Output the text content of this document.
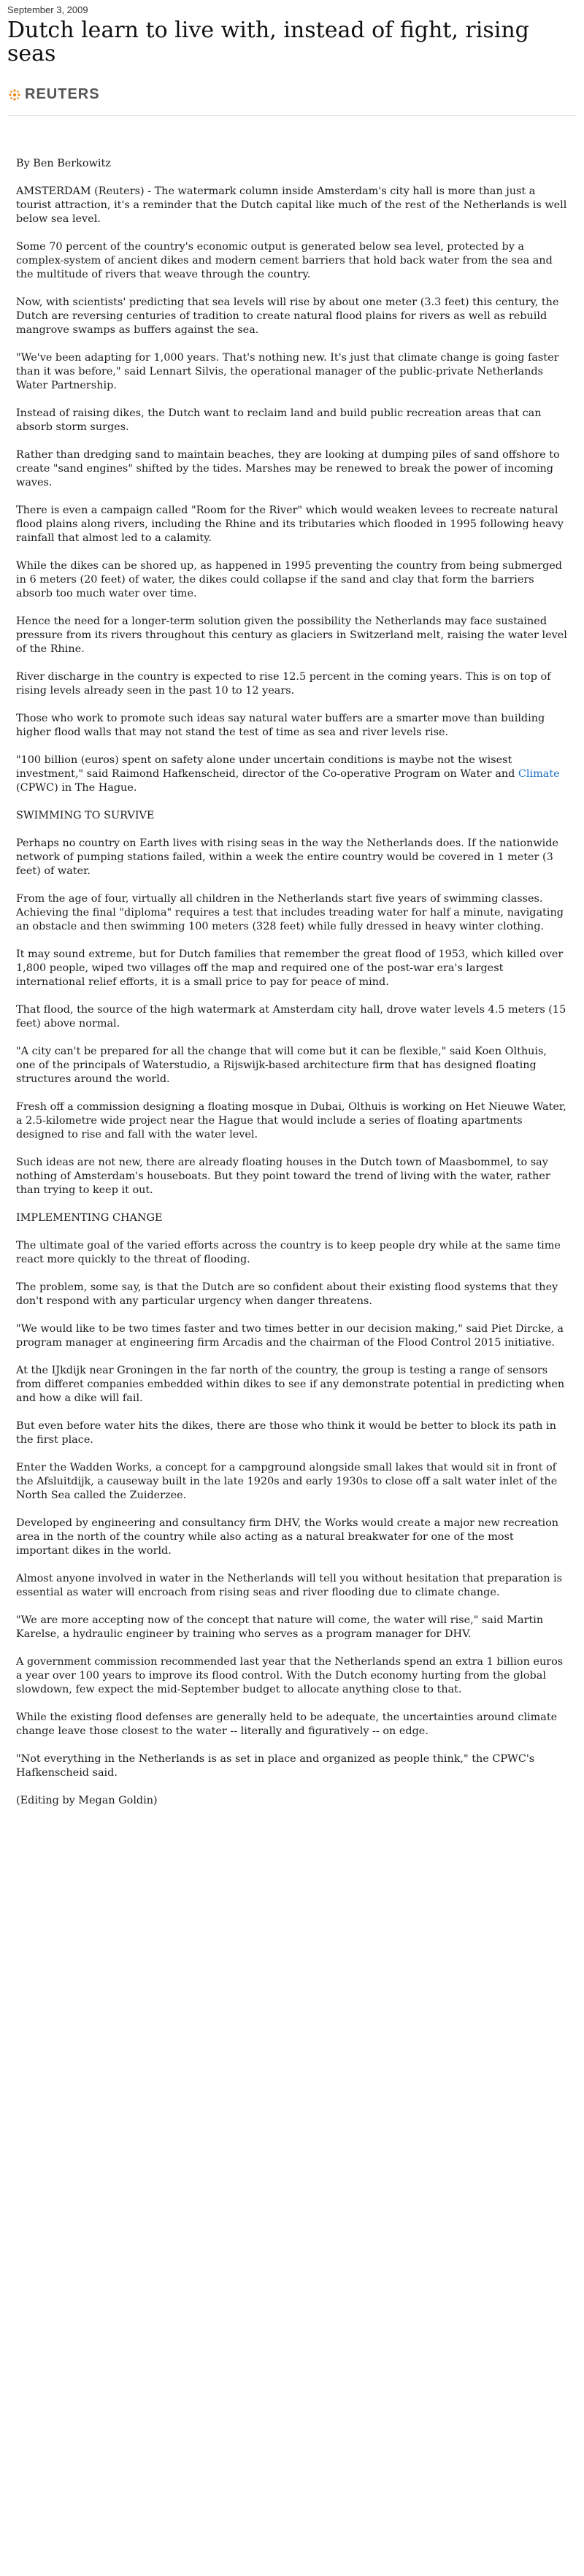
September 3, 2009
Dutch learn to live with, instead of fight, rising seas
REUTERS

By Ben Berkowitz

AMSTERDAM (Reuters) - The watermark column inside Amsterdam's city hall is more than just a tourist attraction, it's a reminder that the Dutch capital like much of the rest of the Netherlands is well below sea level.

Some 70 percent of the country's economic output is generated below sea level, protected by a complex-system of ancient dikes and modern cement barriers that hold back water from the sea and the multitude of rivers that weave through the country.

Now, with scientists' predicting that sea levels will rise by about one meter (3.3 feet) this century, the Dutch are reversing centuries of tradition to create natural flood plains for rivers as well as rebuild mangrove swamps as buffers against the sea.

"We've been adapting for 1,000 years. That's nothing new. It's just that climate change is going faster than it was before," said Lennart Silvis, the operational manager of the public-private Netherlands Water Partnership.

Instead of raising dikes, the Dutch want to reclaim land and build public recreation areas that can absorb storm surges.

Rather than dredging sand to maintain beaches, they are looking at dumping piles of sand offshore to create "sand engines" shifted by the tides. Marshes may be renewed to break the power of incoming waves.

There is even a campaign called "Room for the River" which would weaken levees to recreate natural flood plains along rivers, including the Rhine and its tributaries which flooded in 1995 following heavy rainfall that almost led to a calamity.

While the dikes can be shored up, as happened in 1995 preventing the country from being submerged in 6 meters (20 feet) of water, the dikes could collapse if the sand and clay that form the barriers absorb too much water over time.

Hence the need for a longer-term solution given the possibility the Netherlands may face sustained pressure from its rivers throughout this century as glaciers in Switzerland melt, raising the water level of the Rhine.

River discharge in the country is expected to rise 12.5 percent in the coming years. This is on top of rising levels already seen in the past 10 to 12 years.

Those who work to promote such ideas say natural water buffers are a smarter move than building higher flood walls that may not stand the test of time as sea and river levels rise.

"100 billion (euros) spent on safety alone under uncertain conditions is maybe not the wisest investment," said Raimond Hafkenscheid, director of the Co-operative Program on Water and Climate (CPWC) in The Hague.

SWIMMING TO SURVIVE

Perhaps no country on Earth lives with rising seas in the way the Netherlands does. If the nationwide network of pumping stations failed, within a week the entire country would be covered in 1 meter (3 feet) of water.

From the age of four, virtually all children in the Netherlands start five years of swimming classes. Achieving the final "diploma" requires a test that includes treading water for half a minute, navigating an obstacle and then swimming 100 meters (328 feet) while fully dressed in heavy winter clothing.

It may sound extreme, but for Dutch families that remember the great flood of 1953, which killed over 1,800 people, wiped two villages off the map and required one of the post-war era's largest international relief efforts, it is a small price to pay for peace of mind.

That flood, the source of the high watermark at Amsterdam city hall, drove water levels 4.5 meters (15 feet) above normal.

"A city can't be prepared for all the change that will come but it can be flexible," said Koen Olthuis, one of the principals of Waterstudio, a Rijswijk-based architecture firm that has designed floating structures around the world.

Fresh off a commission designing a floating mosque in Dubai, Olthuis is working on Het Nieuwe Water, a 2.5-kilometre wide project near the Hague that would include a series of floating apartments designed to rise and fall with the water level.

Such ideas are not new, there are already floating houses in the Dutch town of Maasbommel, to say nothing of Amsterdam's houseboats. But they point toward the trend of living with the water, rather than trying to keep it out.

IMPLEMENTING CHANGE

The ultimate goal of the varied efforts across the country is to keep people dry while at the same time react more quickly to the threat of flooding.

The problem, some say, is that the Dutch are so confident about their existing flood systems that they don't respond with any particular urgency when danger threatens.

"We would like to be two times faster and two times better in our decision making," said Piet Dircke, a program manager at engineering firm Arcadis and the chairman of the Flood Control 2015 initiative.

At the IJkdijk near Groningen in the far north of the country, the group is testing a range of sensors from differet companies embedded within dikes to see if any demonstrate potential in predicting when and how a dike will fail.

But even before water hits the dikes, there are those who think it would be better to block its path in the first place.

Enter the Wadden Works, a concept for a campground alongside small lakes that would sit in front of the Afsluitdijk, a causeway built in the late 1920s and early 1930s to close off a salt water inlet of the North Sea called the Zuiderzee.

Developed by engineering and consultancy firm DHV, the Works would create a major new recreation area in the north of the country while also acting as a natural breakwater for one of the most important dikes in the world.

Almost anyone involved in water in the Netherlands will tell you without hesitation that preparation is essential as water will encroach from rising seas and river flooding due to climate change.

"We are more accepting now of the concept that nature will come, the water will rise," said Martin Karelse, a hydraulic engineer by training who serves as a program manager for DHV.

A government commission recommended last year that the Netherlands spend an extra 1 billion euros a year over 100 years to improve its flood control. With the Dutch economy hurting from the global slowdown, few expect the mid-September budget to allocate anything close to that.

While the existing flood defenses are generally held to be adequate, the uncertainties around climate change leave those closest to the water -- literally and figuratively -- on edge.

"Not everything in the Netherlands is as set in place and organized as people think," the CPWC's Hafkenscheid said.

(Editing by Megan Goldin)
